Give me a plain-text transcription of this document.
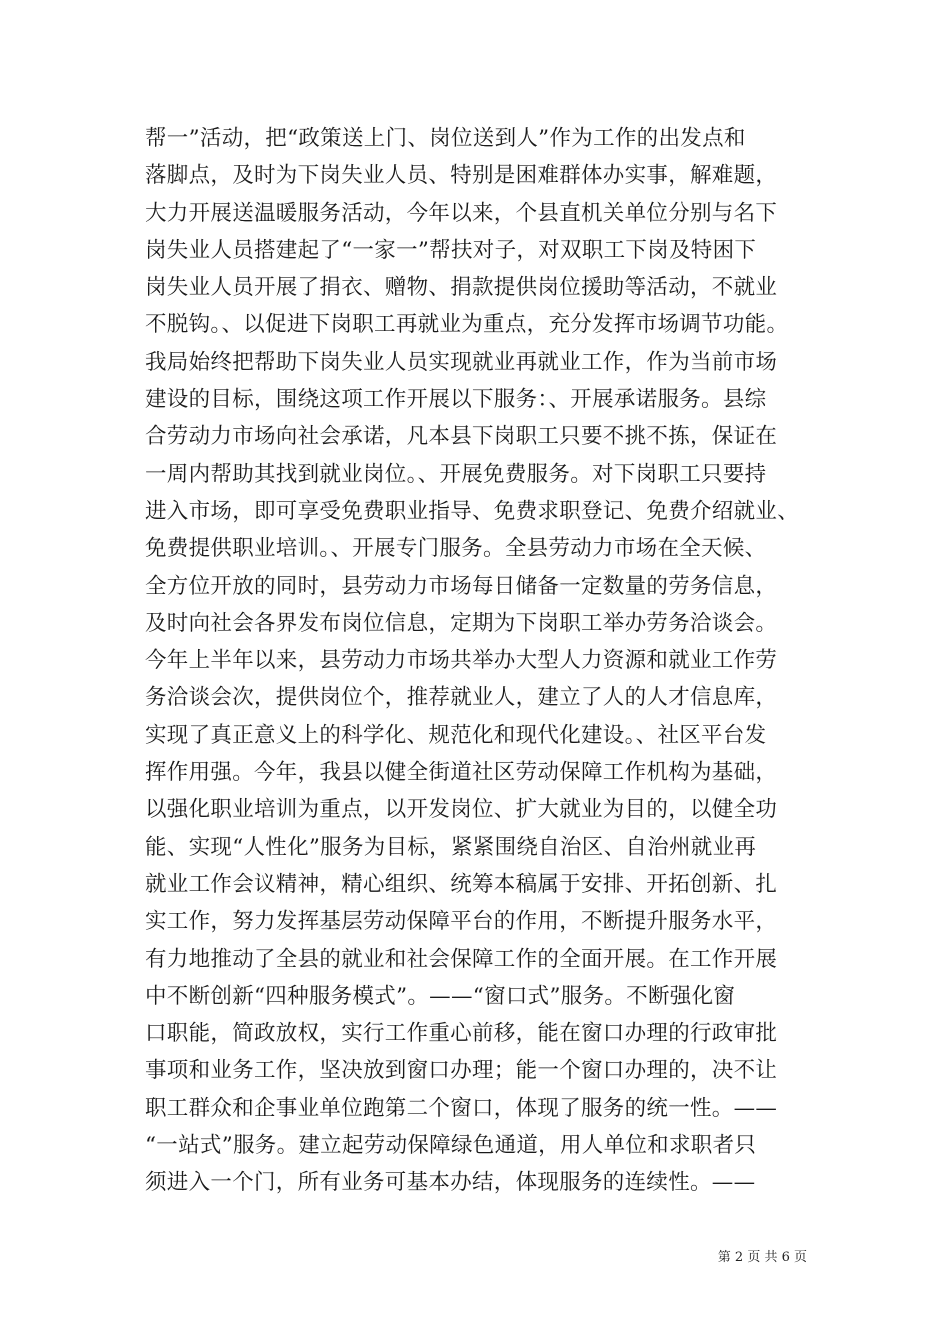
帮一”活动，把“政策送上门、岗位送到人”作为工作的出发点和
落脚点，及时为下岗失业人员、特别是困难群体办实事，解难题，
大力开展送温暖服务活动，今年以来，个县直机关单位分别与名下
岗失业人员搭建起了“一家一”帮扶对子，对双职工下岗及特困下
岗失业人员开展了捐衣、赠物、捐款提供岗位援助等活动，不就业
不脱钩。、以促进下岗职工再就业为重点，充分发挥市场调节功能。
我局始终把帮助下岗失业人员实现就业再就业工作，作为当前市场
建设的目标，围绕这项工作开展以下服务：、开展承诺服务。县综
合劳动力市场向社会承诺，凡本县下岗职工只要不挑不拣，保证在
一周内帮助其找到就业岗位。、开展免费服务。对下岗职工只要持
进入市场，即可享受免费职业指导、免费求职登记、免费介绍就业、
免费提供职业培训。、开展专门服务。全县劳动力市场在全天候、
全方位开放的同时，县劳动力市场每日储备一定数量的劳务信息，
及时向社会各界发布岗位信息，定期为下岗职工举办劳务洽谈会。
今年上半年以来，县劳动力市场共举办大型人力资源和就业工作劳
务洽谈会次，提供岗位个，推荐就业人，建立了人的人才信息库，
实现了真正意义上的科学化、规范化和现代化建设。、社区平台发
挥作用强。今年，我县以健全街道社区劳动保障工作机构为基础，
以强化职业培训为重点，以开发岗位、扩大就业为目的，以健全功
能、实现“人性化”服务为目标，紧紧围绕自治区、自治州就业再
就业工作会议精神，精心组织、统筹本稿属于安排、开拓创新、扎
实工作，努力发挥基层劳动保障平台的作用，不断提升服务水平，
有力地推动了全县的就业和社会保障工作的全面开展。在工作开展
中不断创新“四种服务模式”。——“窗口式”服务。不断强化窗
口职能，简政放权，实行工作重心前移，能在窗口办理的行政审批
事项和业务工作，坚决放到窗口办理；能一个窗口办理的，决不让
职工群众和企事业单位跑第二个窗口，体现了服务的统一性。——
“一站式”服务。建立起劳动保障绿色通道，用人单位和求职者只
须进入一个门，所有业务可基本办结，体现服务的连续性。——
第 2 页 共 6 页
